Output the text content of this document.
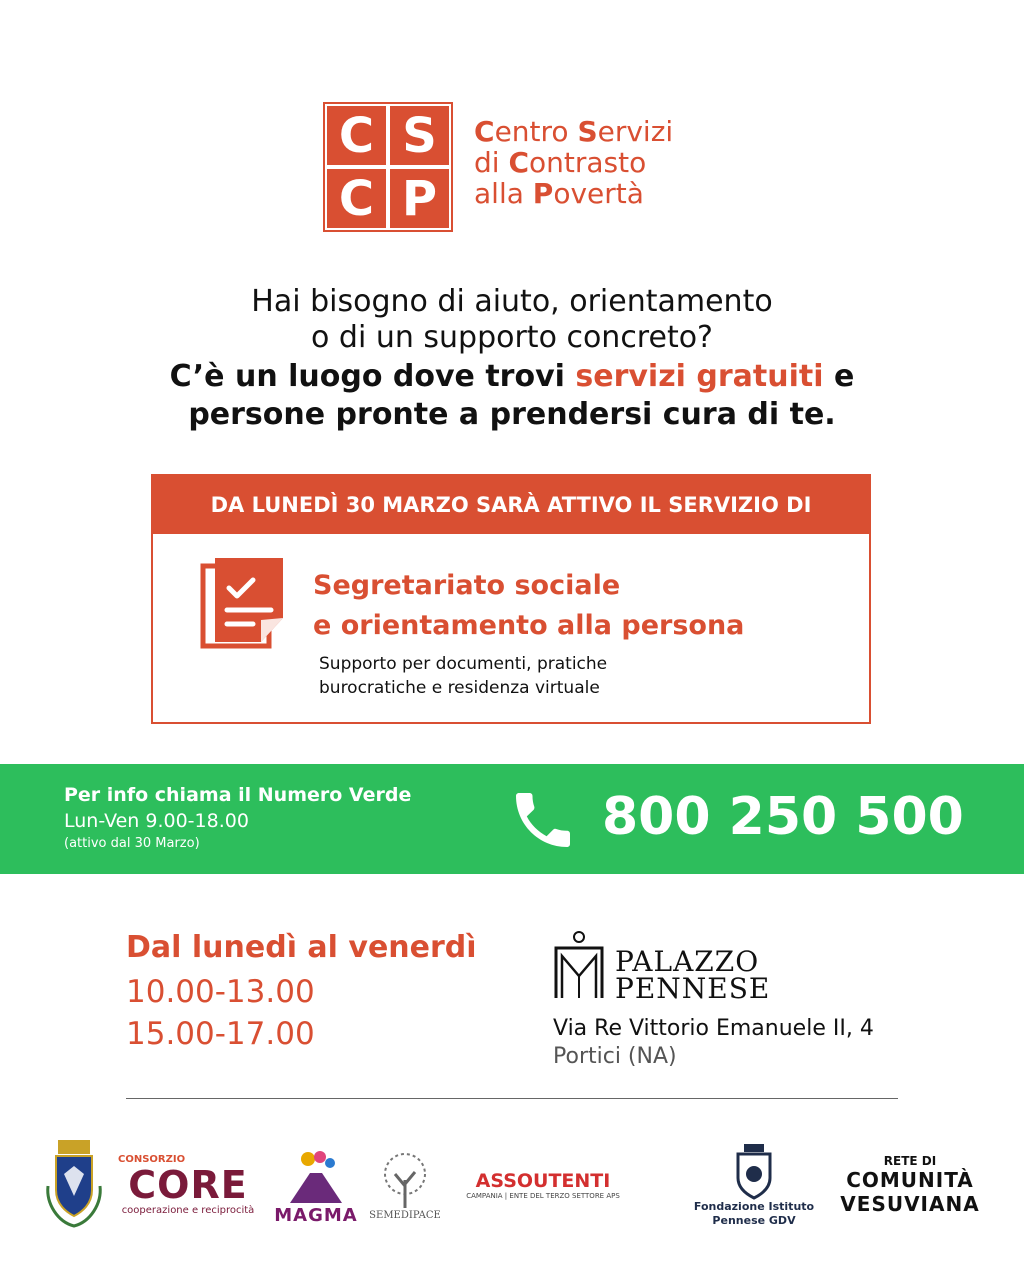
C S
C P
Centro Servizi
di Contrasto
alla Povertà
Hai bisogno di aiuto, orientamento
o di un supporto concreto?
C’è un luogo dove trovi servizi gratuiti e
persone pronte a prendersi cura di te.
DA LUNEDÌ 30 MARZO SARÀ ATTIVO IL SERVIZIO DI
Segretariato sociale
e orientamento alla persona
Supporto per documenti, pratiche
burocratiche e residenza virtuale
Per info chiama il Numero Verde
Lun-Ven 9.00-18.00
(attivo dal 30 Marzo)	800 250 500
Dal lunedì al venerdì
10.00-13.00
15.00-17.00
PALAZZO
PENNESE
Via Re Vittorio Emanuele II, 4
Portici (NA)
CONSORZIO
CORE
cooperazione e reciprocità MAGMA SEMEDIPACE
ASSOUTENTI
CAMPANIA | ENTE DEL TERZO SETTORE APS
Fondazione Istituto
Pennese GDV
RETE DI
COMUNITÀ
VESUVIANA
